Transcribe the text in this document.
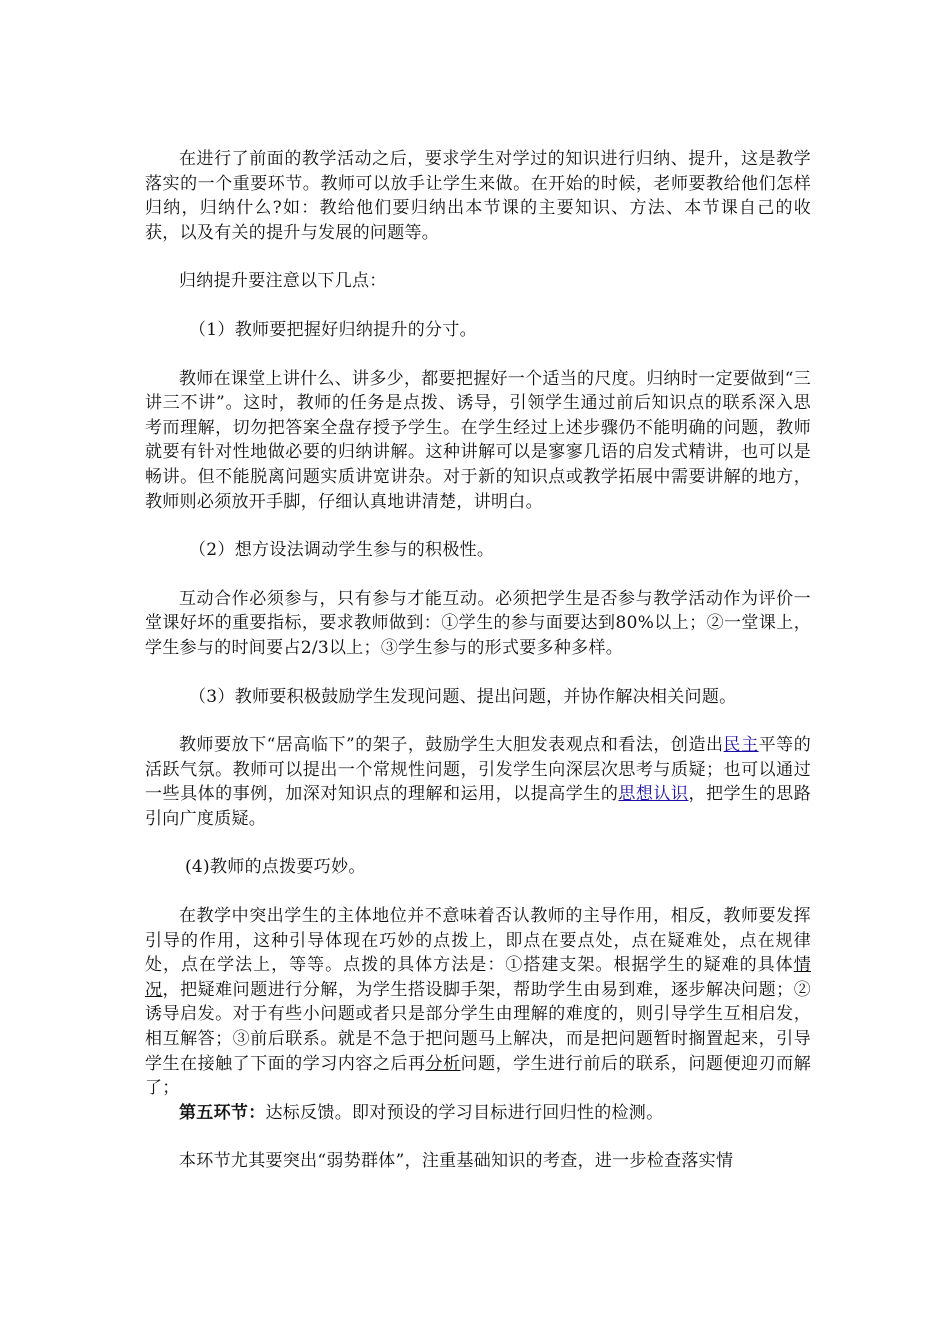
在进行了前面的教学活动之后，要求学生对学过的知识进行归纳、提升，这是教学落实的一个重要环节。教师可以放手让学生来做。在开始的时候，老师要教给他们怎样归纳，归纳什么?如：教给他们要归纳出本节课的主要知识、方法、本节课自己的收获，以及有关的提升与发展的问题等。

归纳提升要注意以下几点：

（1）教师要把握好归纳提升的分寸。

教师在课堂上讲什么、讲多少，都要把握好一个适当的尺度。归纳时一定要做到“三讲三不讲”。这时，教师的任务是点拨、诱导，引领学生通过前后知识点的联系深入思考而理解，切勿把答案全盘存授予学生。在学生经过上述步骤仍不能明确的问题，教师就要有针对性地做必要的归纳讲解。这种讲解可以是寥寥几语的启发式精讲，也可以是畅讲。但不能脱离问题实质讲宽讲杂。对于新的知识点或教学拓展中需要讲解的地方，教师则必须放开手脚，仔细认真地讲清楚，讲明白。

（2）想方设法调动学生参与的积极性。

互动合作必须参与，只有参与才能互动。必须把学生是否参与教学活动作为评价一堂课好坏的重要指标，要求教师做到：①学生的参与面要达到80%以上；②一堂课上，学生参与的时间要占2/3以上；③学生参与的形式要多种多样。

（3）教师要积极鼓励学生发现问题、提出问题，并协作解决相关问题。

教师要放下“居高临下”的架子，鼓励学生大胆发表观点和看法，创造出民主平等的活跃气氛。教师可以提出一个常规性问题，引发学生向深层次思考与质疑；也可以通过一些具体的事例，加深对知识点的理解和运用，以提高学生的思想认识，把学生的思路引向广度质疑。

(4)教师的点拨要巧妙。

在教学中突出学生的主体地位并不意味着否认教师的主导作用，相反，教师要发挥引导的作用，这种引导体现在巧妙的点拨上，即点在要点处，点在疑难处，点在规律处，点在学法上，等等。点拨的具体方法是：①搭建支架。根据学生的疑难的具体情况，把疑难问题进行分解，为学生搭设脚手架，帮助学生由易到难，逐步解决问题；②诱导启发。对于有些小问题或者只是部分学生由理解的难度的，则引导学生互相启发，相互解答；③前后联系。就是不急于把问题马上解决，而是把问题暂时搁置起来，引导学生在接触了下面的学习内容之后再分析问题，学生进行前后的联系，问题便迎刃而解了；

第五环节：达标反馈。即对预设的学习目标进行回归性的检测。

本环节尤其要突出“弱势群体”，注重基础知识的考查，进一步检查落实情
